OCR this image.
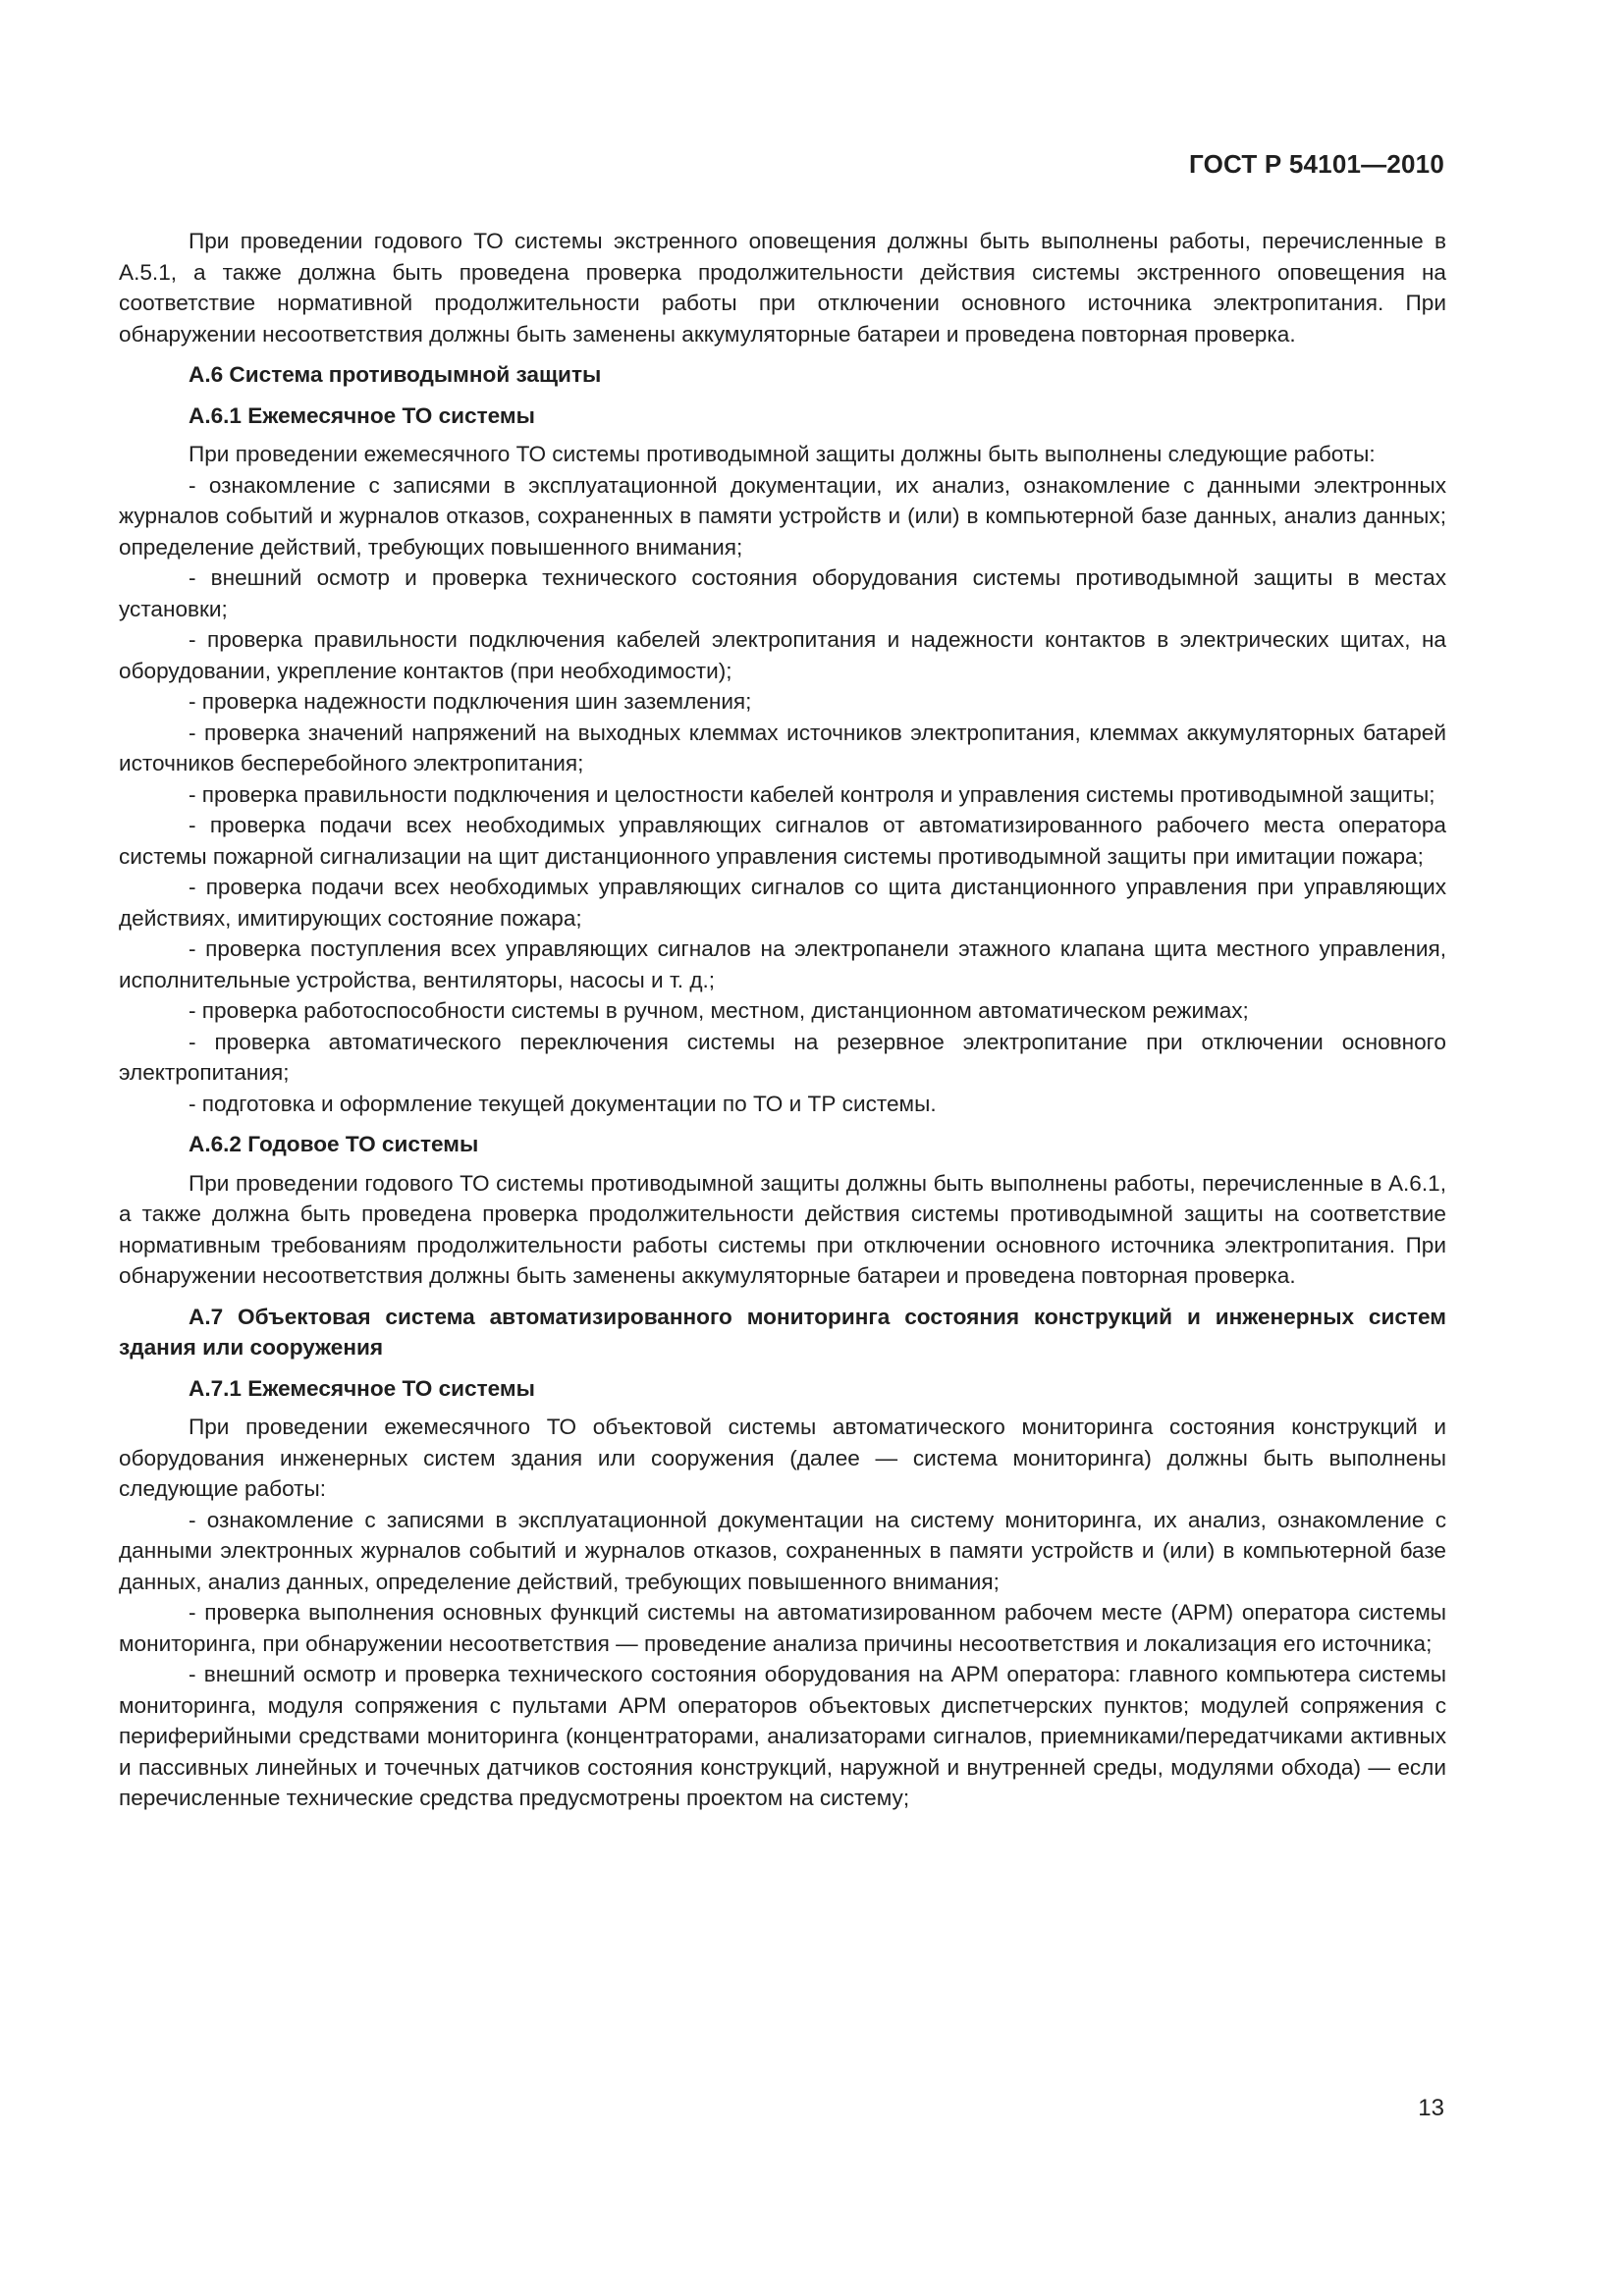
ГОСТ Р 54101—2010

При проведении годового ТО системы экстренного оповещения должны быть выполнены работы, перечисленные в А.5.1, а также должна быть проведена проверка продолжительности действия системы экстренного оповещения на соответствие нормативной продолжительности работы при отключении основного источника электропитания. При обнаружении несоответствия должны быть заменены аккумуляторные батареи и проведена повторная проверка.

А.6 Система противодымной защиты

А.6.1 Ежемесячное ТО системы

При проведении ежемесячного ТО системы противодымной защиты должны быть выполнены следующие работы:

- ознакомление с записями в эксплуатационной документации, их анализ, ознакомление с данными электронных журналов событий и журналов отказов, сохраненных в памяти устройств и (или) в компьютерной базе данных, анализ данных; определение действий, требующих повышенного внимания;

- внешний осмотр и проверка технического состояния оборудования системы противодымной защиты в местах установки;

- проверка правильности подключения кабелей электропитания и надежности контактов в электрических щитах, на оборудовании, укрепление контактов (при необходимости);

- проверка надежности подключения шин заземления;

- проверка значений напряжений на выходных клеммах источников электропитания, клеммах аккумуляторных батарей источников бесперебойного электропитания;

- проверка правильности подключения и целостности кабелей контроля и управления системы противодымной защиты;

- проверка подачи всех необходимых управляющих сигналов от автоматизированного рабочего места оператора системы пожарной сигнализации на щит дистанционного управления системы противодымной защиты при имитации пожара;

- проверка подачи всех необходимых управляющих сигналов со щита дистанционного управления при управляющих действиях, имитирующих состояние пожара;

- проверка поступления всех управляющих сигналов на электропанели этажного клапана щита местного управления, исполнительные устройства, вентиляторы, насосы и т. д.;

- проверка работоспособности системы в ручном, местном, дистанционном автоматическом режимах;

- проверка автоматического переключения системы на резервное электропитание при отключении основного электропитания;

- подготовка и оформление текущей документации по ТО и ТР системы.

А.6.2 Годовое ТО системы

При проведении годового ТО системы противодымной защиты должны быть выполнены работы, перечисленные в А.6.1, а также должна быть проведена проверка продолжительности действия системы противодымной защиты на соответствие нормативным требованиям продолжительности работы системы при отключении основного источника электропитания. При обнаружении несоответствия должны быть заменены аккумуляторные батареи и проведена повторная проверка.

А.7 Объектовая система автоматизированного мониторинга состояния конструкций и инженерных систем здания или сооружения

А.7.1 Ежемесячное ТО системы

При проведении ежемесячного ТО объектовой системы автоматического мониторинга состояния конструкций и оборудования инженерных систем здания или сооружения (далее — система мониторинга) должны быть выполнены следующие работы:

- ознакомление с записями в эксплуатационной документации на систему мониторинга, их анализ, ознакомление с данными электронных журналов событий и журналов отказов, сохраненных в памяти устройств и (или) в компьютерной базе данных, анализ данных, определение действий, требующих повышенного внимания;

- проверка выполнения основных функций системы на автоматизированном рабочем месте (АРМ) оператора системы мониторинга, при обнаружении несоответствия — проведение анализа причины несоответствия и локализация его источника;

- внешний осмотр и проверка технического состояния оборудования на АРМ оператора: главного компьютера системы мониторинга, модуля сопряжения с пультами АРМ операторов объектовых диспетчерских пунктов; модулей сопряжения с периферийными средствами мониторинга (концентраторами, анализаторами сигналов, приемниками/передатчиками активных и пассивных линейных и точечных датчиков состояния конструкций, наружной и внутренней среды, модулями обхода) — если перечисленные технические средства предусмотрены проектом на систему;

13
